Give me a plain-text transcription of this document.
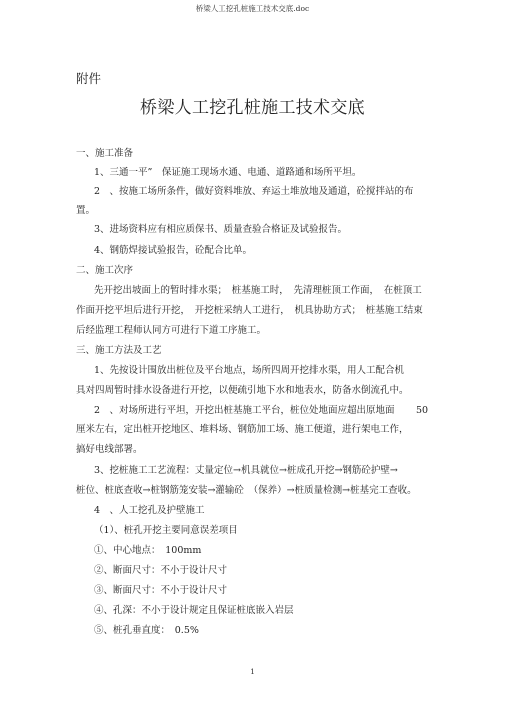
桥梁人工挖孔桩施工技术交底.doc
附件
桥梁人工挖孔桩施工技术交底
一、施工准备
1、三通一平”　保证施工现场水通、电通、道路通和场所平坦。
2　、按施工场所条件，做好资料堆放、弃运土堆放地及通道，砼搅拌站的布
置。
3、进场资料应有相应质保书、质量查验合格证及试验报告。
4、钢筋焊接试验报告，砼配合比单。
二、施工次序
先开挖出坡面上的暂时排水渠；　桩基施工时，　先清理桩顶工作面，　在桩顶工
作面开挖平坦后进行开挖，　开挖桩采纳人工进行，　机具协助方式；　桩基施工结束
后经监理工程师认同方可进行下道工序施工。
三、施工方法及工艺
1、先按设计围放出桩位及平台地点，场所四周开挖排水渠，用人工配合机
具对四周暂时排水设备进行开挖，以便疏引地下水和地表水，防备水倒流孔中。
2　、对场所进行平坦，开挖出桩基施工平台，桩位处地面应超出原地面 50
厘米左右，定出桩开挖地区、堆料场、钢筋加工场、施工便道，进行架电工作，
搞好电线部署。
3、挖桩施工工艺流程：丈量定位→机具就位→桩成孔开挖→钢筋砼护壁→
桩位、桩底查收→桩钢筋笼安装→灌输砼　（保养）→桩质量检测→桩基完工查收。
4　、人工挖孔及护壁施工
（1）、桩孔开挖主要同意误差项目
①、中心地点：　100mm
②、断面尺寸：不小于设计尺寸
③、断面尺寸：不小于设计尺寸
④、孔深：不小于设计规定且保证桩底嵌入岩层
⑤、桩孔垂直度：　0.5%
1
